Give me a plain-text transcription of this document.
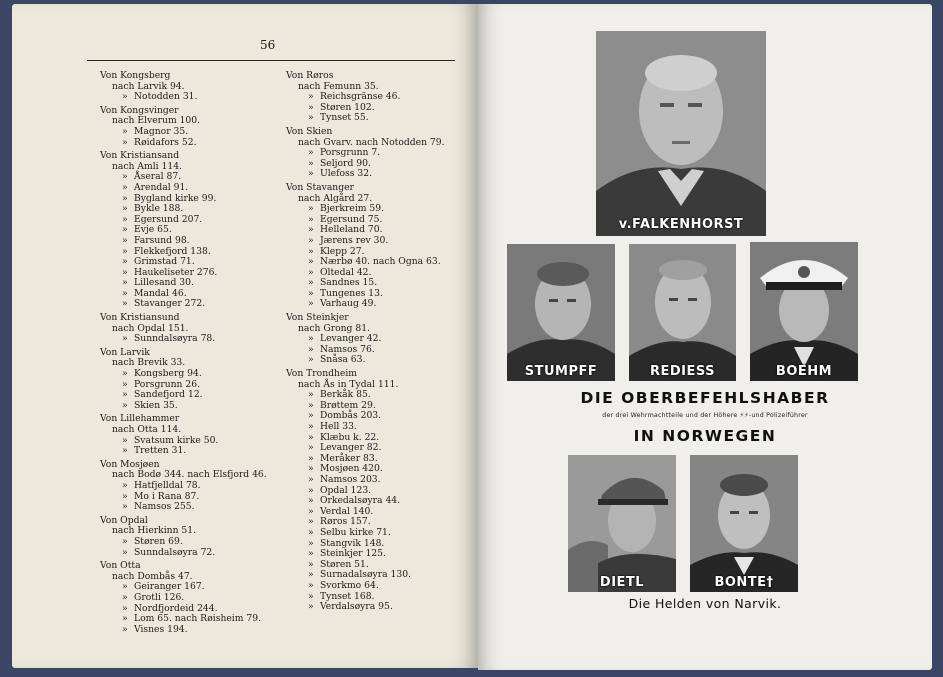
56
Von Kongsberg
nach Larvik 94.
» Notodden 31.
Von Kongsvinger
nach Elverum 100.
» Magnor 35.
» Røidafors 52.
Von Kristiansand
nach Amli 114.
» Åseral 87.
» Arendal 91.
» Bygland kirke 99.
» Bykle 188.
» Egersund 207.
» Evje 65.
» Farsund 98.
» Flekkefjord 138.
» Grimstad 71.
» Haukeliseter 276.
» Lillesand 30.
» Mandal 46.
» Stavanger 272.
Von Kristiansund
nach Opdal 151.
» Sunndalsøyra 78.
Von Larvik
nach Brevik 33.
» Kongsberg 94.
» Porsgrunn 26.
» Sandefjord 12.
» Skien 35.
Von Lillehammer
nach Otta 114.
» Svatsum kirke 50.
» Tretten 31.
Von Mosjøen
nach Bodø 344. nach Elsfjord 46.
» Hatfjelldal 78.
» Mo i Rana 87.
» Namsos 255.
Von Opdal
nach Hierkinn 51.
» Støren 69.
» Sunndalsøyra 72.
Von Otta
nach Dombås 47.
» Geiranger 167.
» Grotli 126.
» Nordfjordeid 244.
» Lom 65. nach Røisheim 79.
» Visnes 194.
Von Røros
nach Femunn 35.
» Reichsgränse 46.
» Støren 102.
» Tynset 55.
Von Skien
nach Gvarv. nach Notodden 79.
» Porsgrunn 7.
» Seljord 90.
» Ulefoss 32.
Von Stavanger
nach Algård 27.
» Bjerkreim 59.
» Egersund 75.
» Helleland 70.
» Jærens rev 30.
» Klepp 27.
» Nærbø 40. nach Ogna 63.
» Oltedal 42.
» Sandnes 15.
» Tungenes 13.
» Varhaug 49.
Von Steinkjer
nach Grong 81.
» Levanger 42.
» Namsos 76.
» Snåsa 63.
Von Trondheim
nach Ås in Tydal 111.
» Berkåk 85.
» Brøttem 29.
» Dombås 203.
» Hell 33.
» Klæbu k. 22.
» Levanger 82.
» Meråker 83.
» Mosjøen 420.
» Namsos 203.
» Opdal 123.
» Orkedalsøyra 44.
» Verdal 140.
» Røros 157.
» Selbu kirke 71.
» Stangvik 148.
» Steinkjer 125.
» Støren 51.
» Surnadalsøyra 130.
» Svorkmo 64.
» Tynset 168.
» Verdalsøyra 95.
v.FALKENHORST
STUMPFF	REDIESS	BOEHM
DIE OBERBEFEHLSHABER
der drei Wehrmachtteile und der Höhere ⚡⚡-und Polizeiführer
IN NORWEGEN
DIETL	BONTE†
Die Helden von Narvik.
